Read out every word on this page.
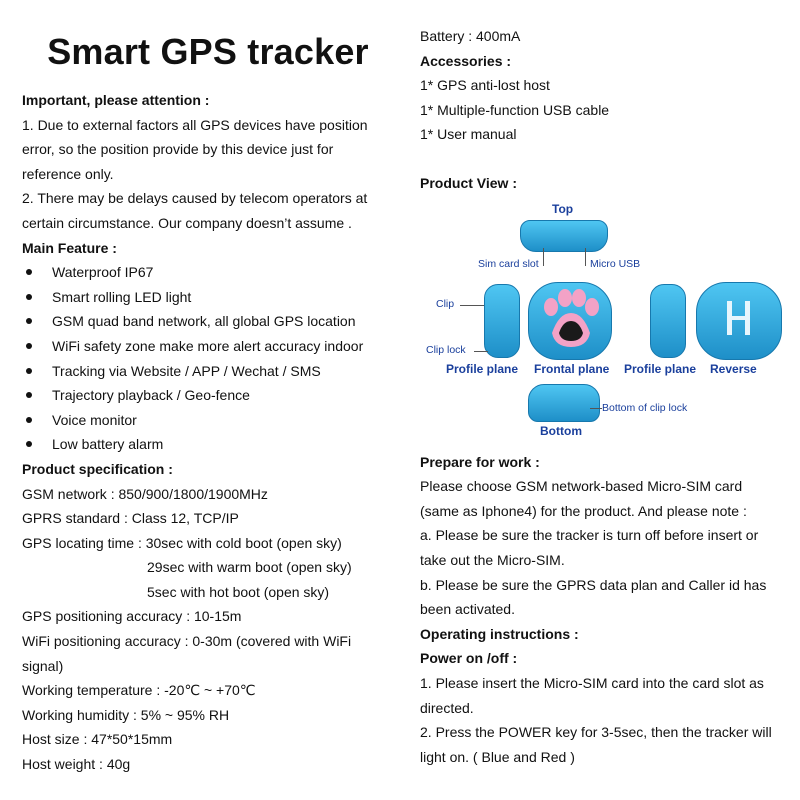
Smart GPS tracker
Important, please attention :
1. Due to external factors all GPS devices have position
error, so the position provide by this device just for
reference only.
2. There may be delays caused by telecom operators at
certain circumstance. Our company doesn’t assume .
Main Feature :
Waterproof IP67
Smart rolling LED light
GSM quad band network, all global GPS location
WiFi safety zone make more alert accuracy indoor
Tracking via Website / APP / Wechat / SMS
Trajectory playback / Geo-fence
Voice monitor
Low battery alarm
Product specification :
GSM network : 850/900/1800/1900MHz
GPRS standard : Class 12, TCP/IP
GPS locating time : 30sec with cold boot (open sky)
29sec with warm boot (open sky)
5sec with hot boot (open sky)
GPS positioning accuracy : 10-15m
WiFi positioning accuracy : 0-30m (covered with WiFi
signal)
Working temperature : -20℃ ~ +70℃
Working humidity : 5% ~ 95% RH
Host size : 47*50*15mm
Host weight : 40g
Battery : 400mA
Accessories :
1* GPS anti-lost host
1* Multiple-function USB cable
1* User manual
Product View :
Top
Sim card slot	Micro USB
Clip
Clip lock
Profile plane Frontal plane Profile plane Reverse
Bottom of clip lock
Bottom
Prepare for work :
Please choose GSM network-based Micro-SIM card
(same as Iphone4) for the product. And please note :
a. Please be sure the tracker is turn off before insert or
take out the Micro-SIM.
b. Please be sure the GPRS data plan and Caller id has
been activated.
Operating instructions :
Power on /off :
1. Please insert the Micro-SIM card into the card slot as
directed.
2. Press the POWER key for 3-5sec, then the tracker will
light on. ( Blue and Red )
